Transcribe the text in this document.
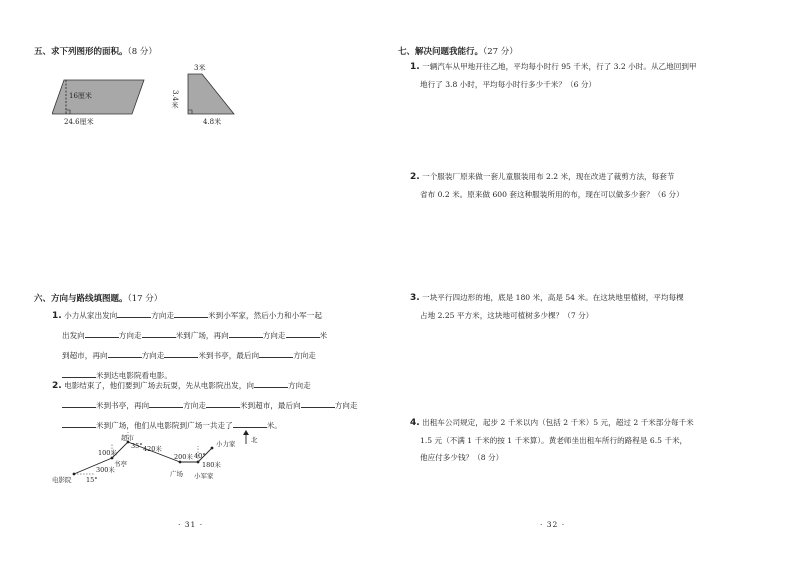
五、求下列图形的面积。（8 分）
16厘米
24.6厘米
3米
3.4米
4.8米
六、方向与路线填图题。（17 分）
1. 小力从家出发向	方向走	米到小军家，然后小力和小军一起
出发向	方向走	米到广场，再向	方向走	米
到超市，再向	方向走	米到书亭，最后向	方向走
米到达电影院看电影。
2. 电影结束了，他们要到广场去玩耍，先从电影院出发，向	方向走
米到书亭，再向	方向走	米到超市，最后向	方向走
米到广场，他们从电影院到广场一共走了	米。
超市
小力家
电影院
书亭
广场 小军家
北
100米	420米
300米
200米
180米
35°
15°
40°
· 31 ·
七、解决问题我能行。（27 分）
1. 一辆汽车从甲地开往乙地，平均每小时行 95 千米，行了 3.2 小时。从乙地回到甲
地行了 3.8 小时，平均每小时行多少千米？（6 分）
2. 一个服装厂原来做一套儿童服装用布 2.2 米，现在改进了裁剪方法，每套节
省布 0.2 米。原来做 600 套这种服装所用的布，现在可以做多少套？（6 分）
3. 一块平行四边形的地，底是 180 米，高是 54 米。在这块地里植树，平均每棵
占地 2.25 平方米，这块地可植树多少棵？（7 分）
4. 出租车公司规定，起步 2 千米以内（包括 2 千米）5 元，超过 2 千米部分每千米
1.5 元（不满 1 千米的按 1 千米算）。黄老师坐出租车所行的路程是 6.5 千米，
他应付多少钱？（8 分）
· 32 ·
